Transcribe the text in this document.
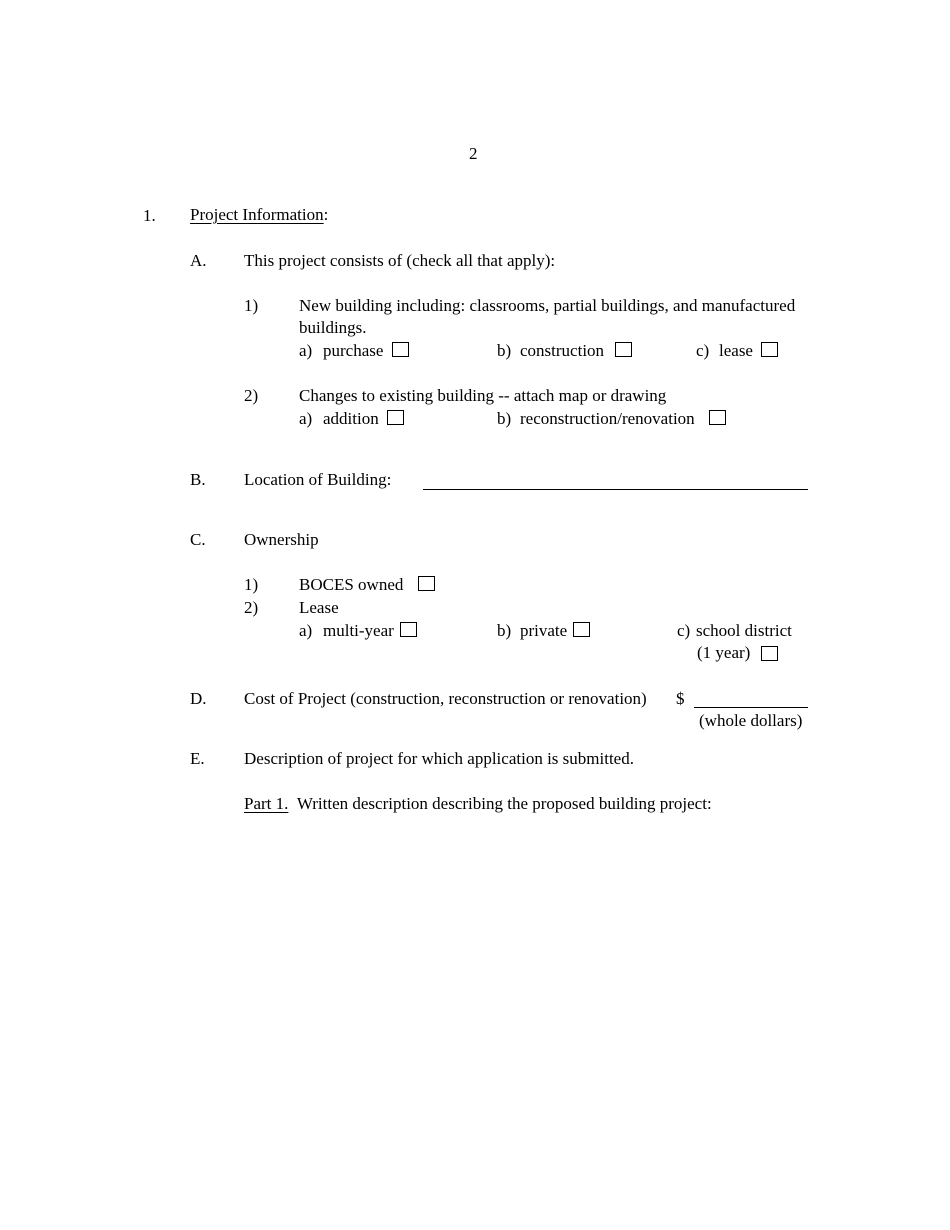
2
1. Project Information:
A. This project consists of (check all that apply):
1) New building including: classrooms, partial buildings, and manufactured
buildings.
a) purchase	b) construction	c) lease
2) Changes to existing building -- attach map or drawing
a) addition	b) reconstruction/renovation
B. Location of Building:
C. Ownership
1) BOCES owned
2) Lease
a) multi-year	b) private	c) school district
(1 year)
D. Cost of Project (construction, reconstruction or renovation) $
(whole dollars)
E. Description of project for which application is submitted.
Part 1. Written description describing the proposed building project:
